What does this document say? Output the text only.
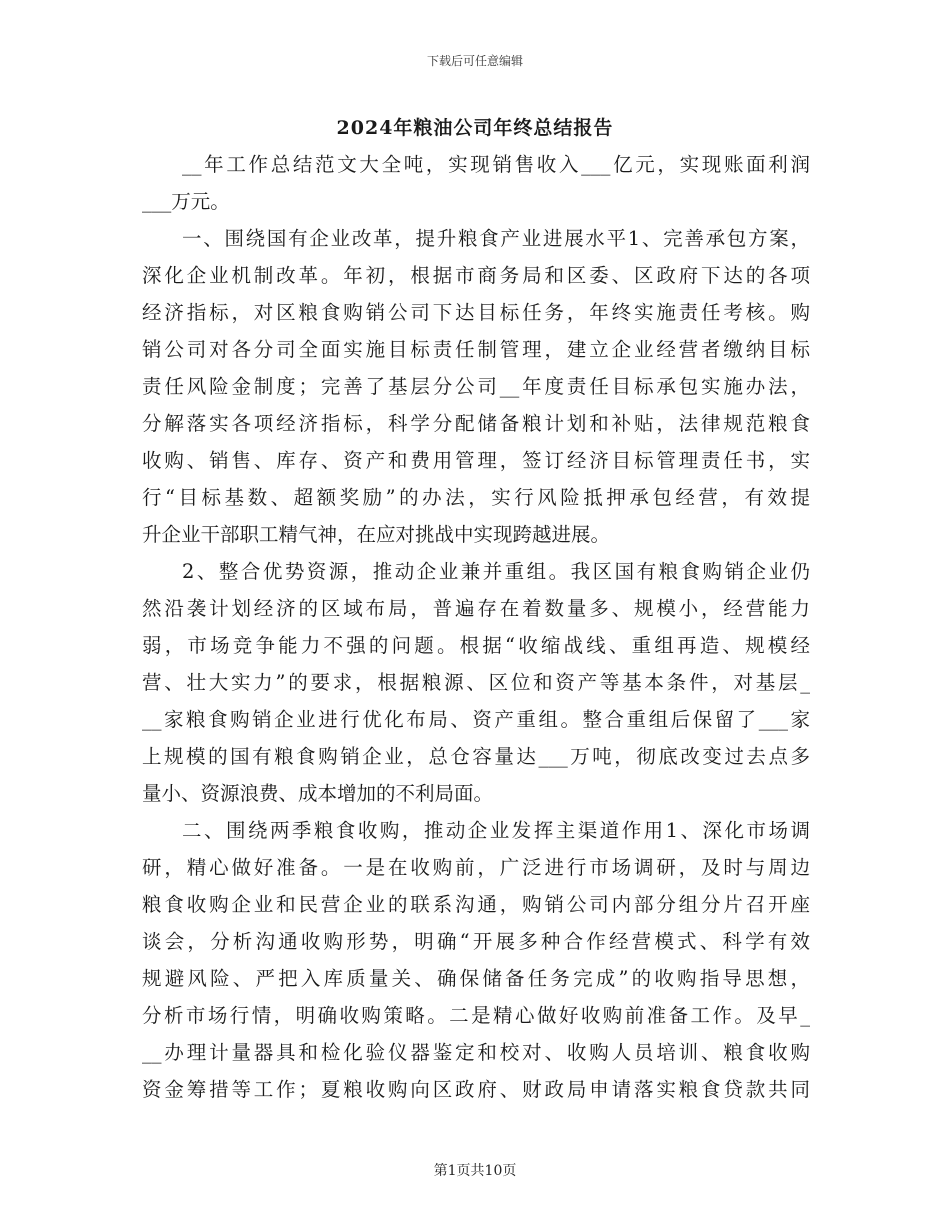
下载后可任意编辑
2024年粮油公司年终总结报告
__年工作总结范文大全吨，实现销售收入___亿元，实现账面利润
___万元。
一、围绕国有企业改革，提升粮食产业进展水平1、完善承包方案，
深化企业机制改革。年初，根据市商务局和区委、区政府下达的各项
经济指标，对区粮食购销公司下达目标任务，年终实施责任考核。购
销公司对各分司全面实施目标责任制管理，建立企业经营者缴纳目标
责任风险金制度；完善了基层分公司__年度责任目标承包实施办法，
分解落实各项经济指标，科学分配储备粮计划和补贴，法律规范粮食
收购、销售、库存、资产和费用管理，签订经济目标管理责任书，实
行“目标基数、超额奖励”的办法，实行风险抵押承包经营，有效提
升企业干部职工精气神，在应对挑战中实现跨越进展。
2、整合优势资源，推动企业兼并重组。我区国有粮食购销企业仍
然沿袭计划经济的区域布局，普遍存在着数量多、规模小，经营能力
弱，市场竞争能力不强的问题。根据“收缩战线、重组再造、规模经
营、壮大实力”的要求，根据粮源、区位和资产等基本条件，对基层_
__家粮食购销企业进行优化布局、资产重组。整合重组后保留了___家
上规模的国有粮食购销企业，总仓容量达___万吨，彻底改变过去点多
量小、资源浪费、成本增加的不利局面。
二、围绕两季粮食收购，推动企业发挥主渠道作用1、深化市场调
研，精心做好准备。一是在收购前，广泛进行市场调研，及时与周边
粮食收购企业和民营企业的联系沟通，购销公司内部分组分片召开座
谈会，分析沟通收购形势，明确“开展多种合作经营模式、科学有效
规避风险、严把入库质量关、确保储备任务完成”的收购指导思想，
分析市场行情，明确收购策略。二是精心做好收购前准备工作。及早_
__办理计量器具和检化验仪器鉴定和校对、收购人员培训、粮食收购
资金筹措等工作；夏粮收购向区政府、财政局申请落实粮食贷款共同
第1页共10页
